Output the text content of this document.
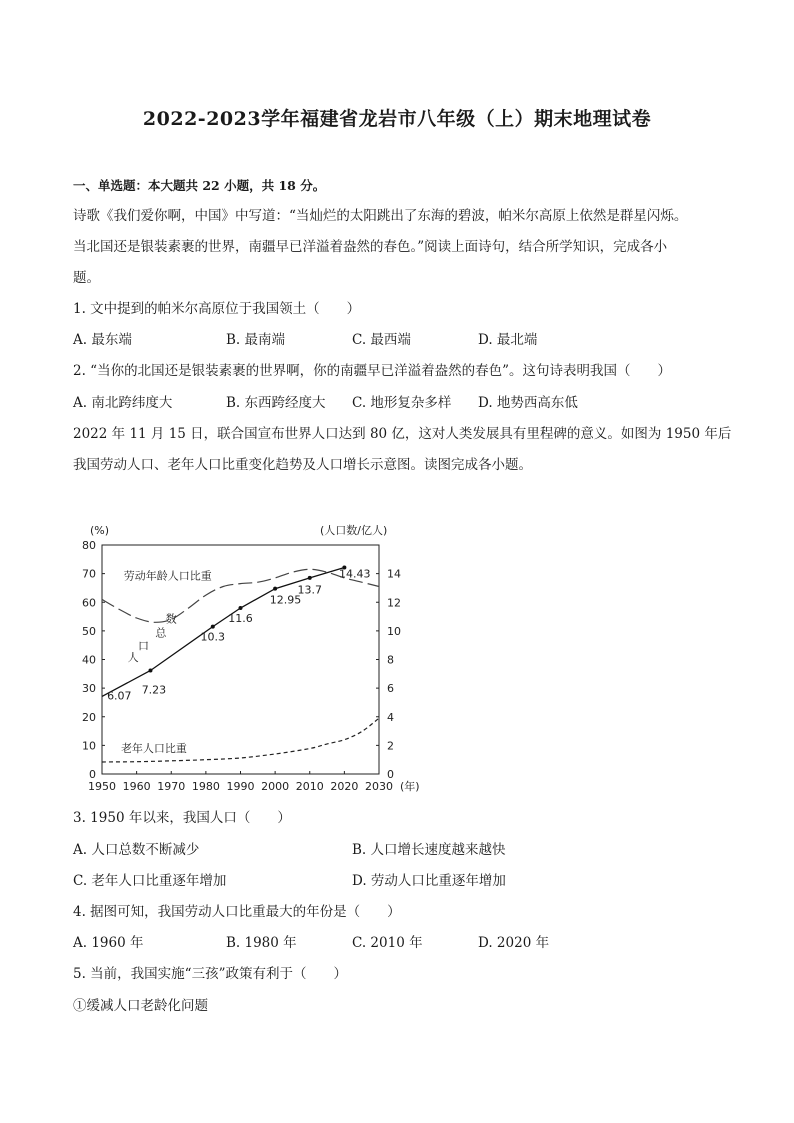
2022-2023学年福建省龙岩市八年级（上）期末地理试卷
一、单选题：本大题共 22 小题，共 18 分。
诗歌《我们爱你啊，中国》中写道：“当灿烂的太阳跳出了东海的碧波，帕米尔高原上依然是群星闪烁。
当北国还是银装素裹的世界，南疆早已洋溢着盎然的春色。”阅读上面诗句，结合所学知识，完成各小
题。
1. 文中提到的帕米尔高原位于我国领土（　　）
A. 最东端	B. 最南端	C. 最西端	D. 最北端
2. “当你的北国还是银装素裹的世界啊，你的南疆早已洋溢着盎然的春色”。这句诗表明我国（　　）
A. 南北跨纬度大	B. 东西跨经度大 C. 地形复杂多样 D. 地势西高东低
2022 年 11 月 15 日，联合国宣布世界人口达到 80 亿，这对人类发展具有里程碑的意义。如图为 1950 年后
我国劳动人口、老年人口比重变化趋势及人口增长示意图。读图完成各小题。
0
10
20
30
40
50
60
70
80
0
2
4
6
8
10
12
14
1950 1960 1970 1980 1990 2000 2010 2020 2030
(%)	(人口数/亿人)
(年)
6.07 7.23
10.3
11.6
12.95
13.7
14.43
劳动年龄人口比重
老年人口比重
数
总
口
人
3. 1950 年以来，我国人口（　　）
A. 人口总数不断减少	B. 人口增长速度越来越快
C. 老年人口比重逐年增加	D. 劳动人口比重逐年增加
4. 据图可知，我国劳动人口比重最大的年份是（　　）
A. 1960 年	B. 1980 年	C. 2010 年	D. 2020 年
5. 当前，我国实施“三孩”政策有利于（　　）
①缓减人口老龄化问题
